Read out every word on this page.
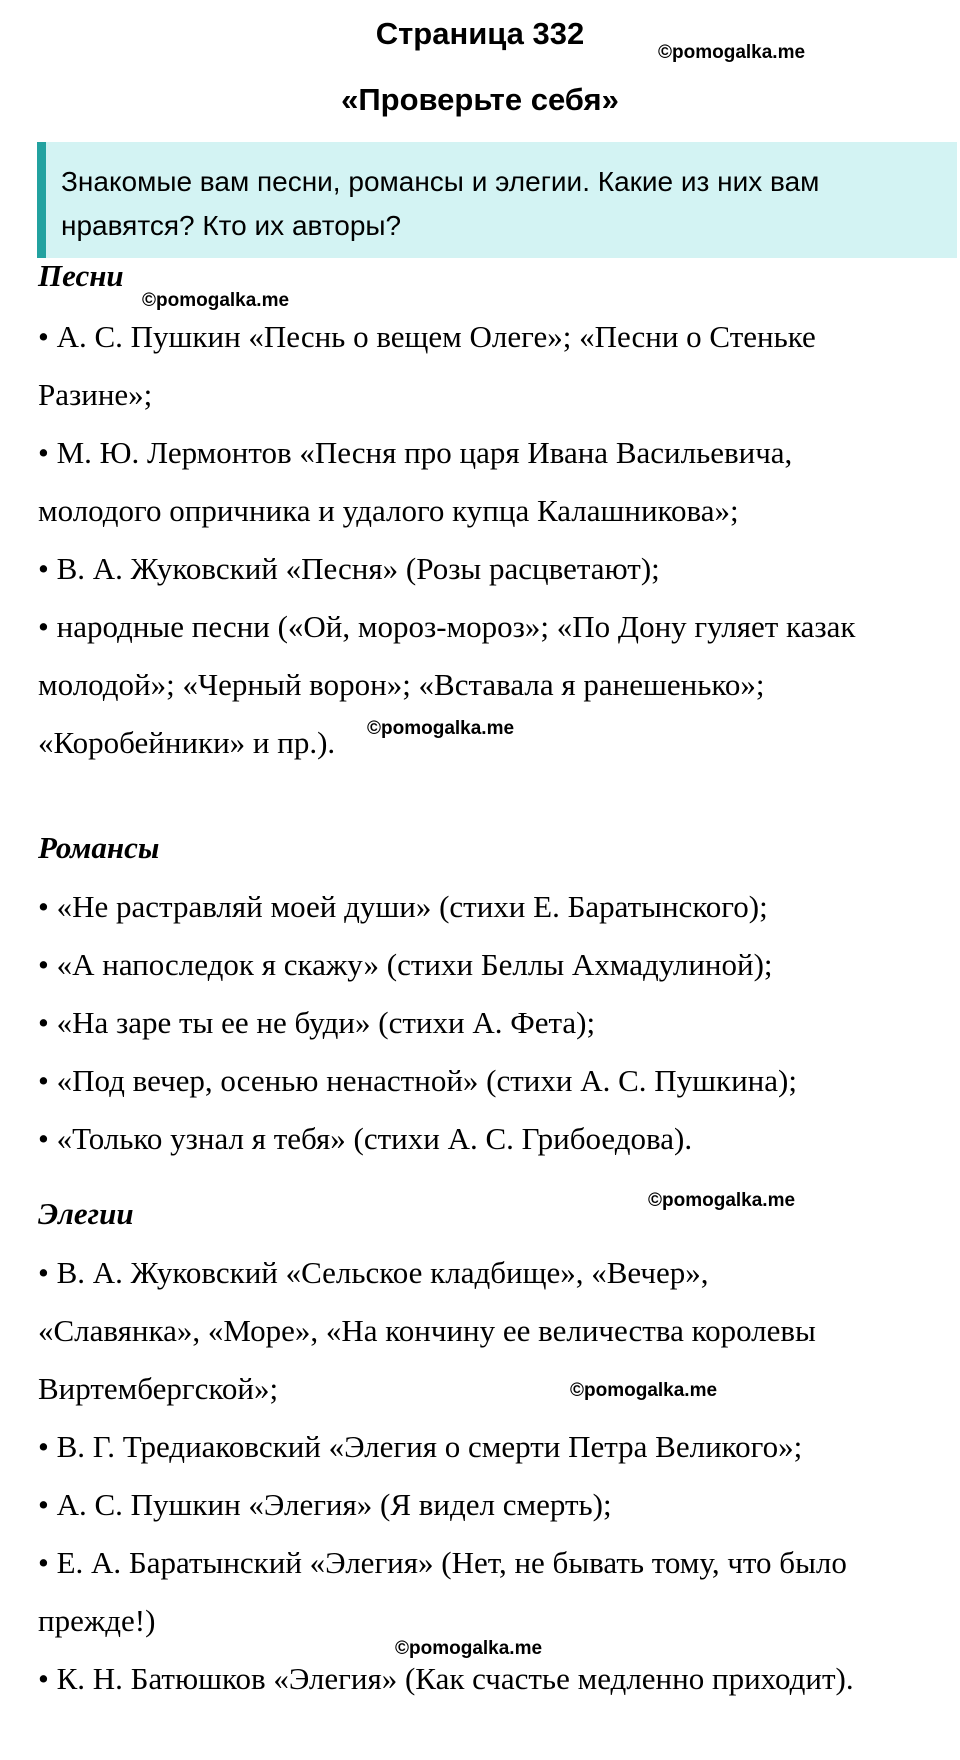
Страница 332
©pomogalka.me
«Проверьте себя»
Знакомые вам песни, романсы и элегии. Какие из них вам
нравятся? Кто их авторы?
Песни
©pomogalka.me

• А. С. Пушкин «Песнь о вещем Олеге»; «Песни о Стеньке

Разине»;

• М. Ю. Лермонтов «Песня про царя Ивана Васильевича,

молодого опричника и удалого купца Калашникова»;

• В. А. Жуковский «Песня» (Розы расцветают);

• народные песни («Ой, мороз-мороз»; «По Дону гуляет казак

молодой»; «Черный ворон»; «Вставала я ранешенько»;

«Коробейники» и пр.).	©pomogalka.me
Романсы

• «Не растравляй моей души» (стихи Е. Баратынского);

• «А напоследок я скажу» (стихи Беллы Ахмадулиной);

• «На заре ты ее не буди» (стихи А. Фета);

• «Под вечер, осенью ненастной» (стихи А. С. Пушкина);

• «Только узнал я тебя» (стихи А. С. Грибоедова).

Элегии	©pomogalka.me

• В. А. Жуковский «Сельское кладбище», «Вечер»,

«Славянка», «Море», «На кончину ее величества королевы

Виртембергской»;

• В. Г. Тредиаковский «Элегия о смерти Петра Великого»;

• А. С. Пушкин «Элегия» (Я видел смерть);

• Е. А. Баратынский «Элегия» (Нет, не бывать тому, что было

прежде!)

• К. Н. Батюшков «Элегия» (Как счастье медленно приходит).

©pomogalka.me
©pomogalka.me
